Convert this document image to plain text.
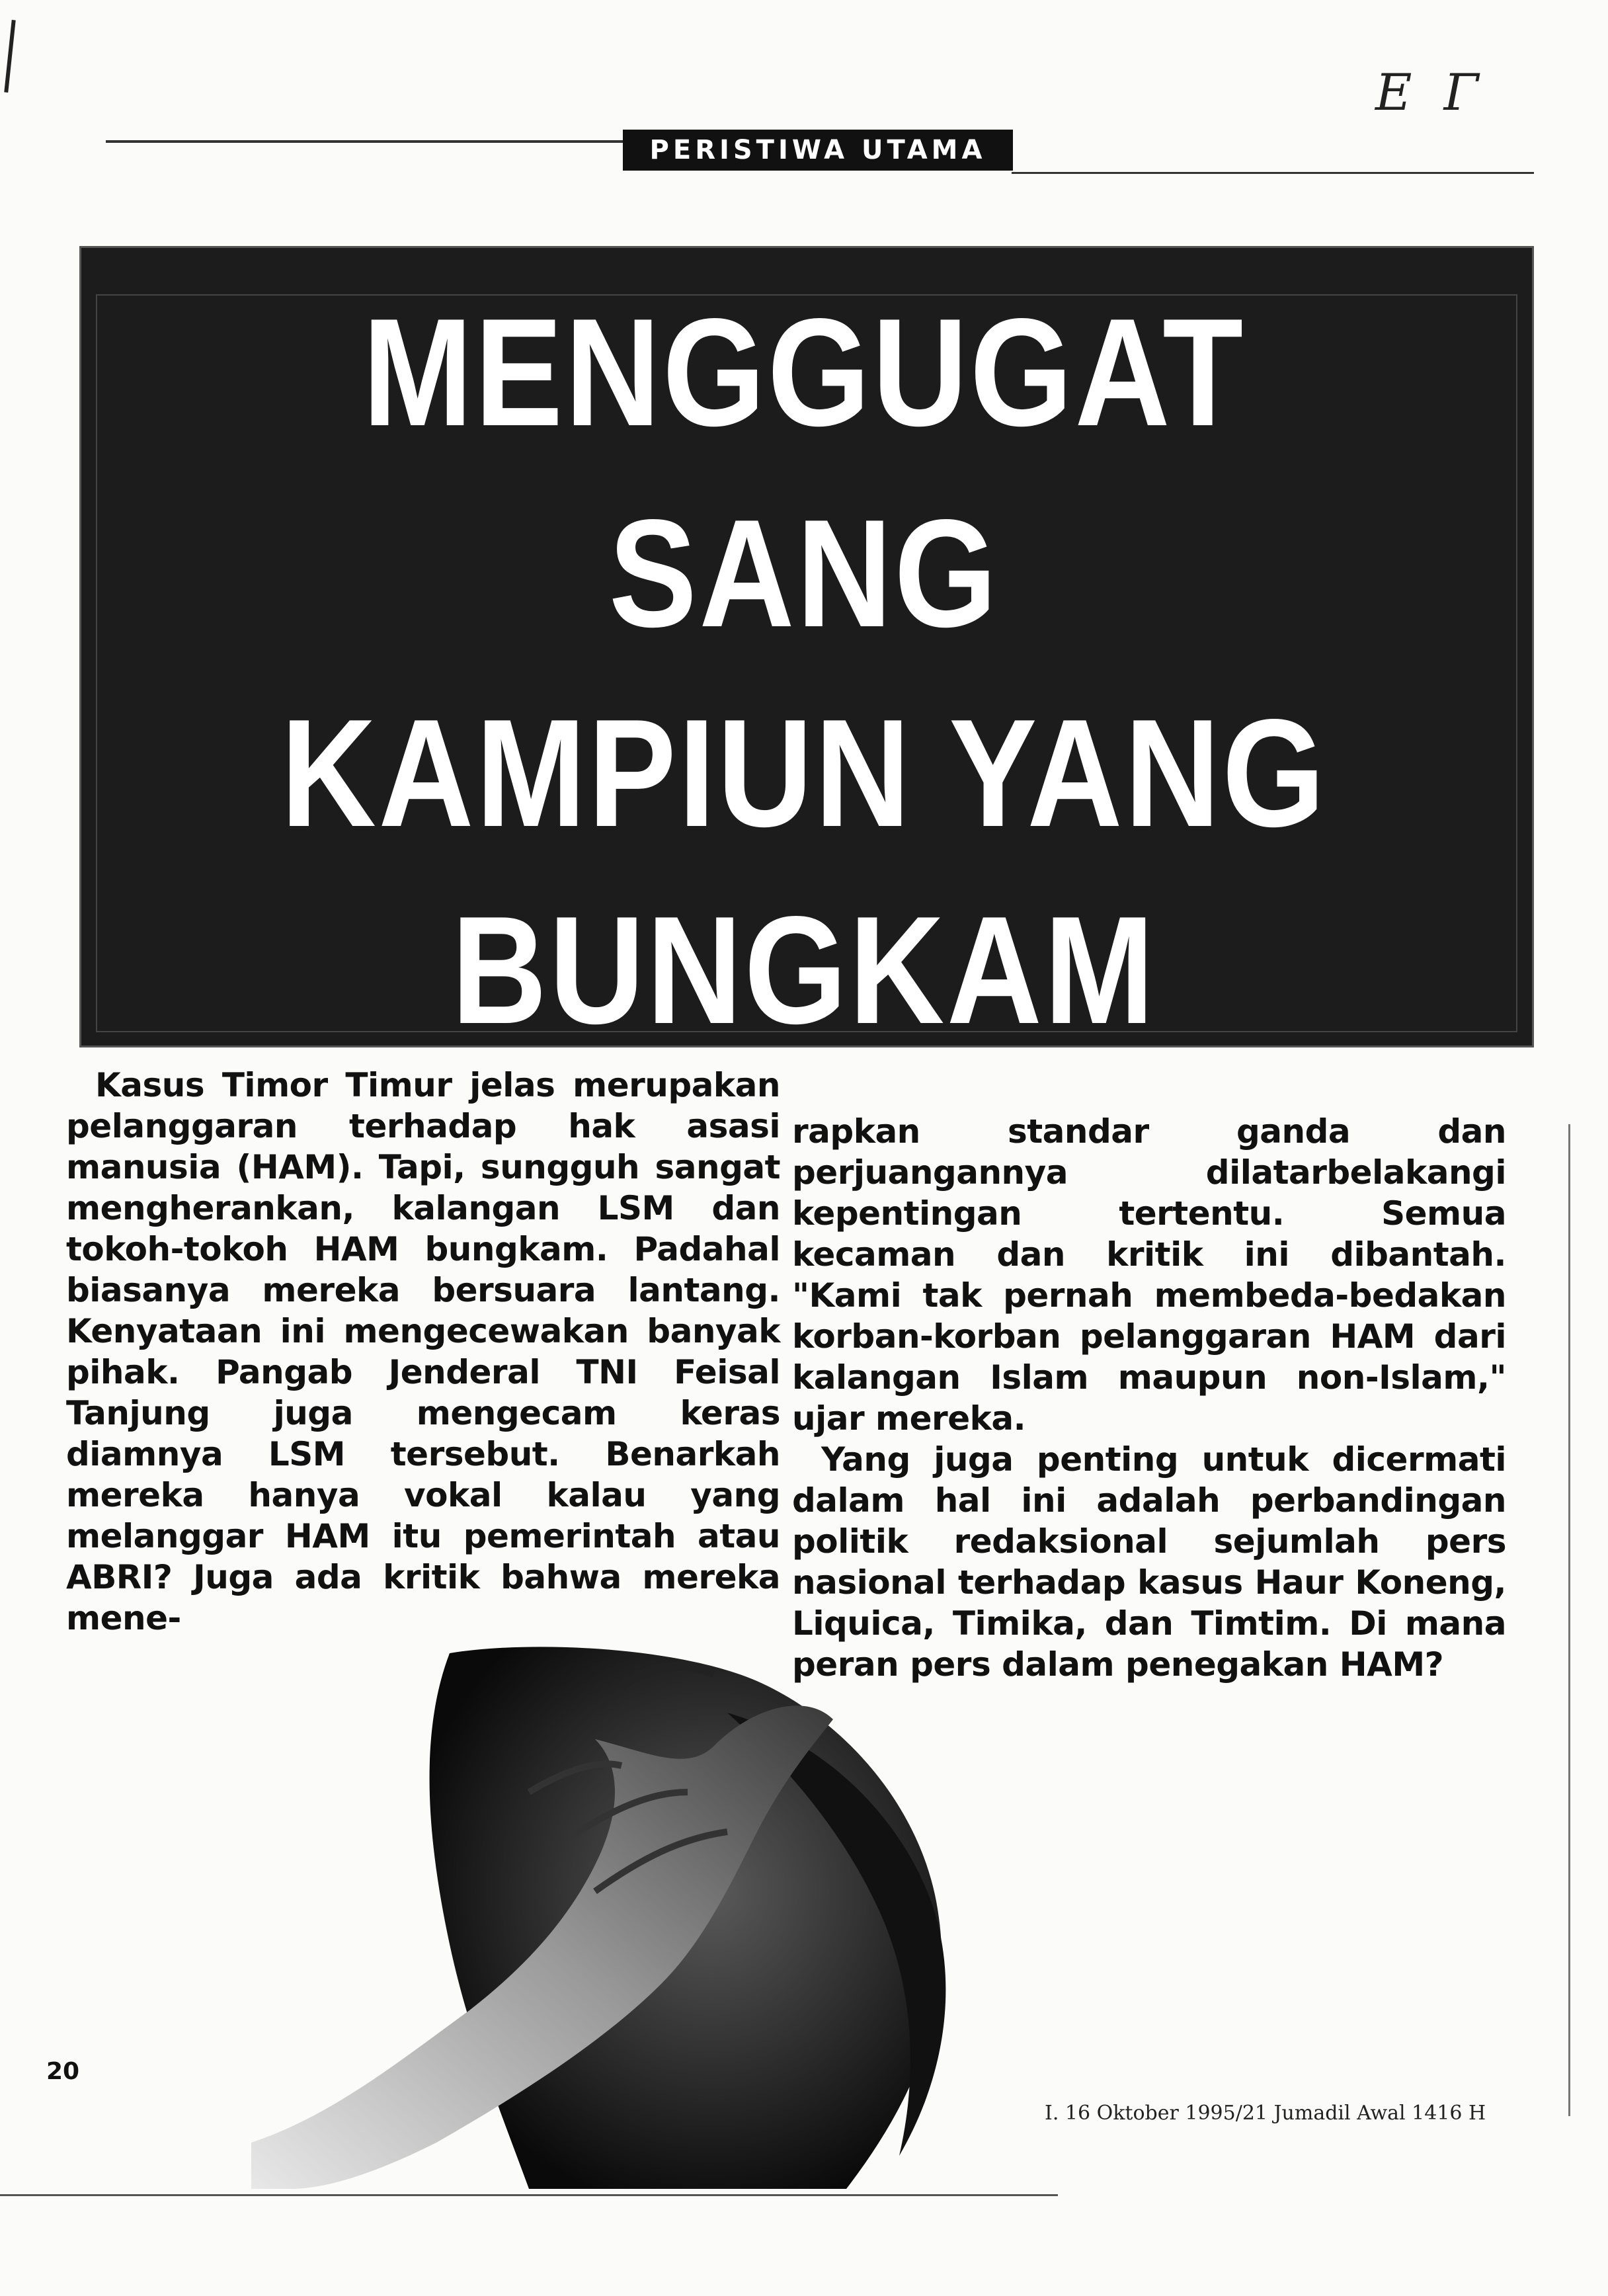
E Γ
PERISTIWA UTAMA
MENGGUGAT
SANG
KAMPIUN YANG
BUNGKAM

Kasus Timor Timur jelas merupakan pelanggaran terhadap hak asasi manusia (HAM). Tapi, sungguh sangat mengherankan, kalangan LSM dan tokoh-tokoh HAM bungkam. Padahal biasanya mereka bersuara lantang. Kenyataan ini mengecewakan banyak pihak. Pangab Jenderal TNI Feisal Tanjung juga mengecam keras diamnya LSM tersebut. Benarkah mereka hanya vokal kalau yang melanggar HAM itu pemerintah atau ABRI? Juga ada kritik bahwa mereka mene-

rapkan standar ganda dan perjuangannya dilatarbelakangi kepentingan tertentu. Semua kecaman dan kritik ini dibantah. "Kami tak pernah membeda-bedakan korban-korban pelanggaran HAM dari kalangan Islam maupun non-Islam," ujar mereka.

Yang juga penting untuk dicermati dalam hal ini adalah perbandingan politik redaksional sejumlah pers nasional terhadap kasus Haur Koneng, Liquica, Timika, dan Timtim. Di mana peran pers dalam penegakan HAM?

20
I. 16 Oktober 1995/21 Jumadil Awal 1416 H
